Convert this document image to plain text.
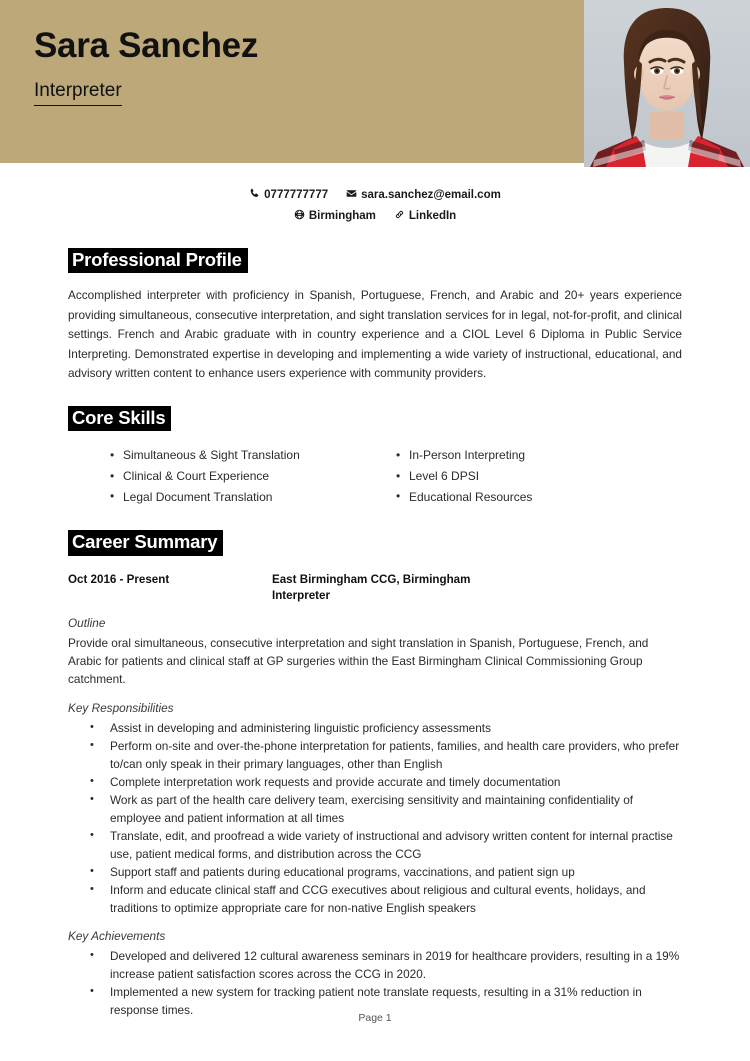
Sara Sanchez
Interpreter
0777777777	sara.sanchez@email.com
Birmingham	LinkedIn
Professional Profile

Accomplished interpreter with proficiency in Spanish, Portuguese, French, and Arabic and 20+ years experience providing simultaneous, consecutive interpretation, and sight translation services for in legal, not-for-profit, and clinical settings. French and Arabic graduate with in country experience and a CIOL Level 6 Diploma in Public Service Interpreting. Demonstrated expertise in developing and implementing a wide variety of instructional, educational, and advisory written content to enhance users experience with community providers.

Core Skills
• Simultaneous & Sight Translation
• Clinical & Court Experience
• Legal Document Translation
• In-Person Interpreting
• Level 6 DPSI
• Educational Resources
Career Summary
Oct 2016 - Present	East Birmingham CCG, Birmingham
Interpreter
Outline

Provide oral simultaneous, consecutive interpretation and sight translation in Spanish, Portuguese, French, and Arabic for patients and clinical staff at GP surgeries within the East Birmingham Clinical Commissioning Group catchment.

Key Responsibilities
• Assist in developing and administering linguistic proficiency assessments
• Perform on-site and over-the-phone interpretation for patients, families, and health care providers, who prefer to/can only speak in their primary languages, other than English
• Complete interpretation work requests and provide accurate and timely documentation
• Work as part of the health care delivery team, exercising sensitivity and maintaining confidentiality of employee and patient information at all times
• Translate, edit, and proofread a wide variety of instructional and advisory written content for internal practise use, patient medical forms, and distribution across the CCG
• Support staff and patients during educational programs, vaccinations, and patient sign up
• Inform and educate clinical staff and CCG executives about religious and cultural events, holidays, and traditions to optimize appropriate care for non-native English speakers
Key Achievements
• Developed and delivered 12 cultural awareness seminars in 2019 for healthcare providers, resulting in a 19% increase patient satisfaction scores across the CCG in 2020.
• Implemented a new system for tracking patient note translate requests, resulting in a 31% reduction in response times.
Page 1
